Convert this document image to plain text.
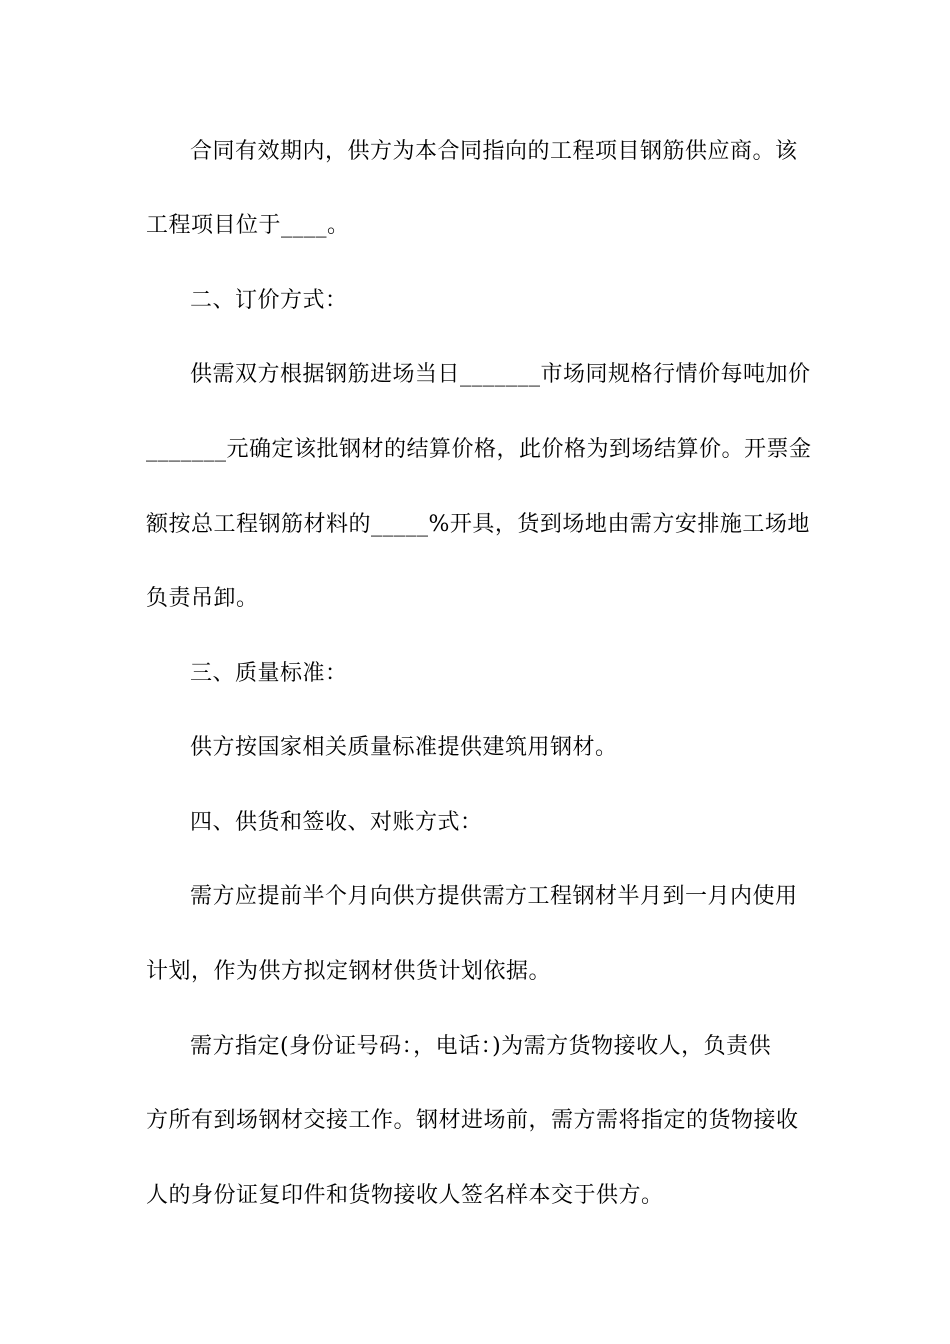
合同有效期内，供方为本合同指向的工程项目钢筋供应商。该
工程项目位于____。
二、订价方式：
供需双方根据钢筋进场当日_______市场同规格行情价每吨加价
_______元确定该批钢材的结算价格，此价格为到场结算价。开票金
额按总工程钢筋材料的_____%开具，货到场地由需方安排施工场地
负责吊卸。
三、质量标准：
供方按国家相关质量标准提供建筑用钢材。
四、供货和签收、对账方式：
需方应提前半个月向供方提供需方工程钢材半月到一月内使用
计划，作为供方拟定钢材供货计划依据。
需方指定(身份证号码：，电话：)为需方货物接收人，负责供
方所有到场钢材交接工作。钢材进场前，需方需将指定的货物接收
人的身份证复印件和货物接收人签名样本交于供方。
